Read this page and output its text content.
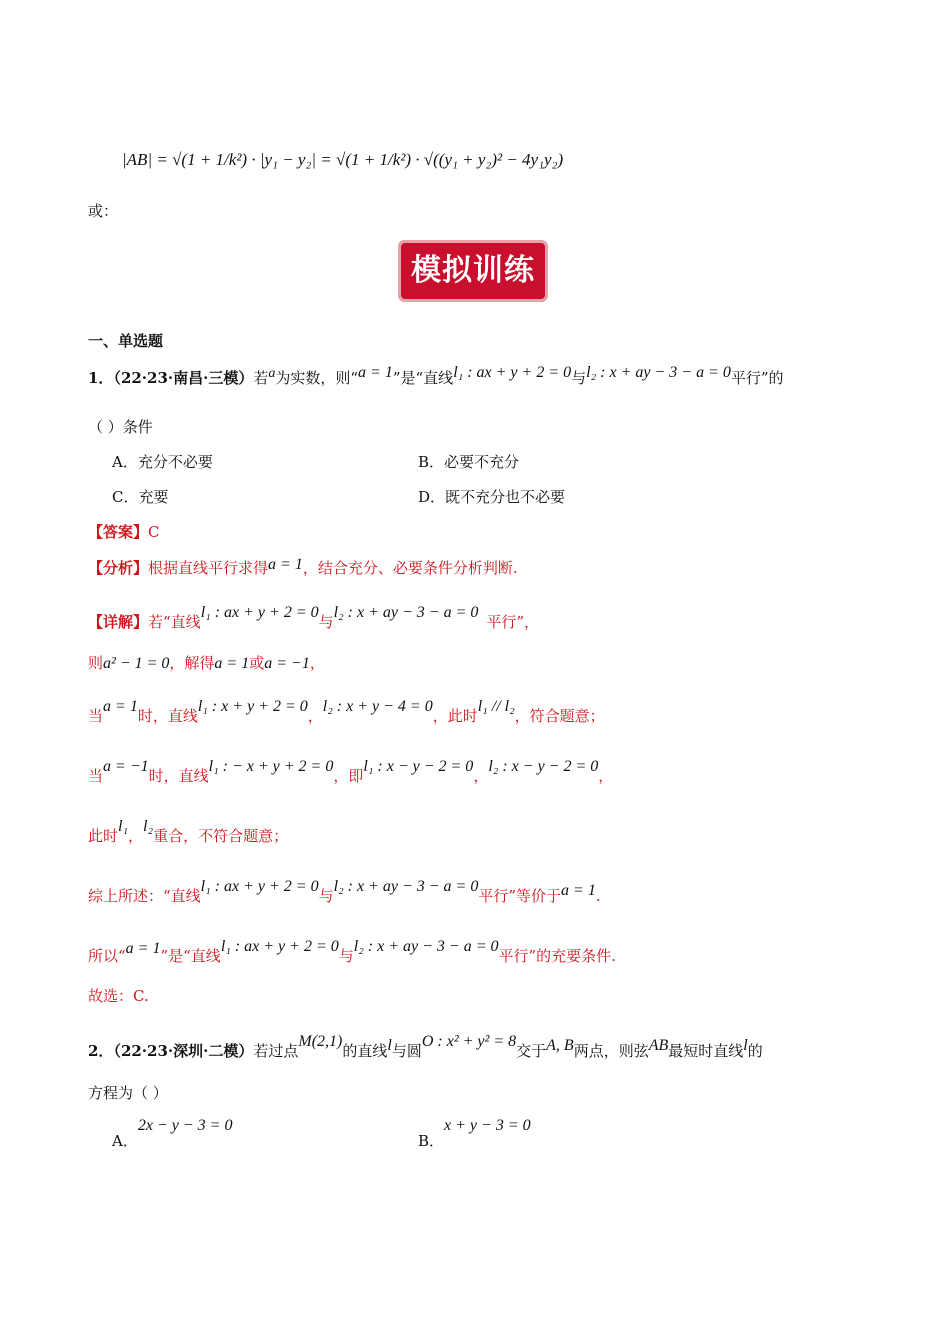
|AB| = √(1 + 1/k²) · |y₁ − y₂| = √(1 + 1/k²) · √((y₁ + y₂)² − 4y₁y₂)
或：
模拟训练
一、单选题
1．（22·23·南昌·三模）若a为实数，则“a = 1”是“直线l₁ : ax + y + 2 = 0与l₂ : x + ay − 3 − a = 0平行”的
（ ）条件
A．充分不必要	B．必要不充分
C．充要	D．既不充分也不必要
【答案】C
【分析】根据直线平行求得a = 1，结合充分、必要条件分析判断.
【详解】若“直线l₁ : ax + y + 2 = 0与l₂ : x + ay − 3 − a = 0平行”，
则a² − 1 = 0，解得a = 1或a = −1，
当a = 1时，直线l₁ : x + y + 2 = 0，l₂ : x + y − 4 = 0，此时l₁ // l₂，符合题意；
当a = −1时，直线l₁ : − x + y + 2 = 0，即l₁ : x − y − 2 = 0，l₂ : x − y − 2 = 0，
此时l₁，l₂重合，不符合题意；
综上所述：“直线l₁ : ax + y + 2 = 0与l₂ : x + ay − 3 − a = 0平行”等价于a = 1.
所以“a = 1”是“直线l₁ : ax + y + 2 = 0与l₂ : x + ay − 3 − a = 0平行”的充要条件.
故选：C.
2．（22·23·深圳·二模）若过点M(2,1)的直线l与圆O : x² + y² = 8交于A, B两点，则弦AB最短时直线l的
方程为（ ）
A．2x − y − 3 = 0
B．x + y − 3 = 0
